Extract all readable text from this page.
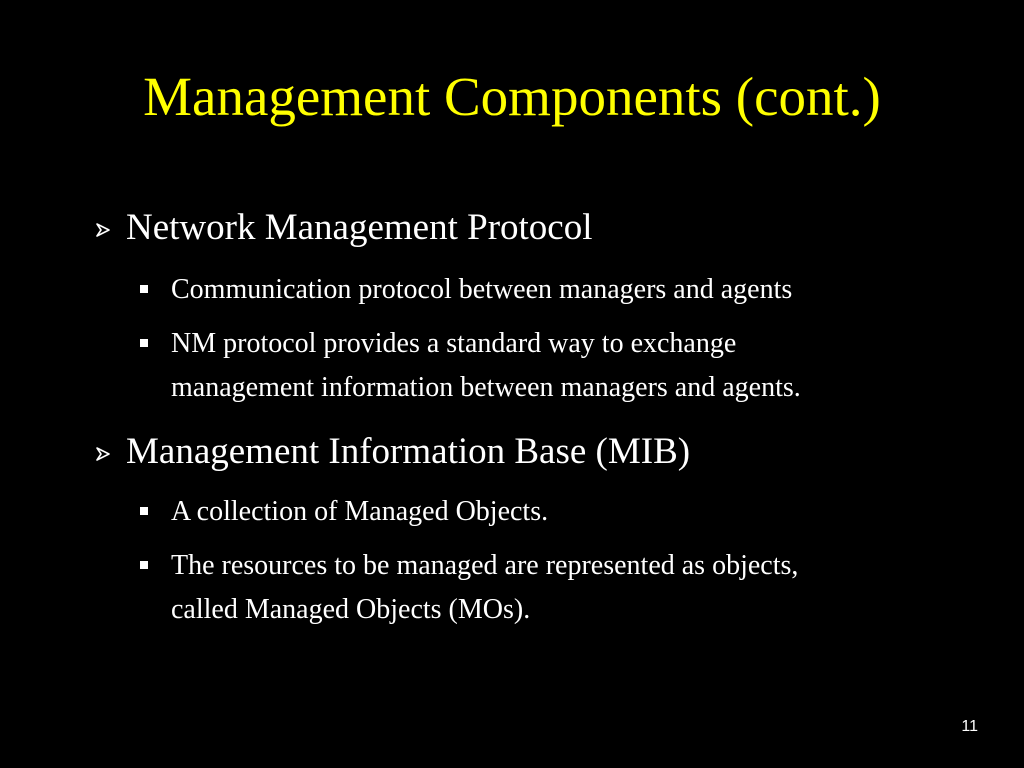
Management Components (cont.)
Network Management Protocol
Communication protocol between managers and agents
NM protocol provides a standard way to exchange
management information between managers and agents.
Management Information Base (MIB)
A collection of Managed Objects.
The resources to be managed are represented as objects,
called Managed Objects (MOs).
11
